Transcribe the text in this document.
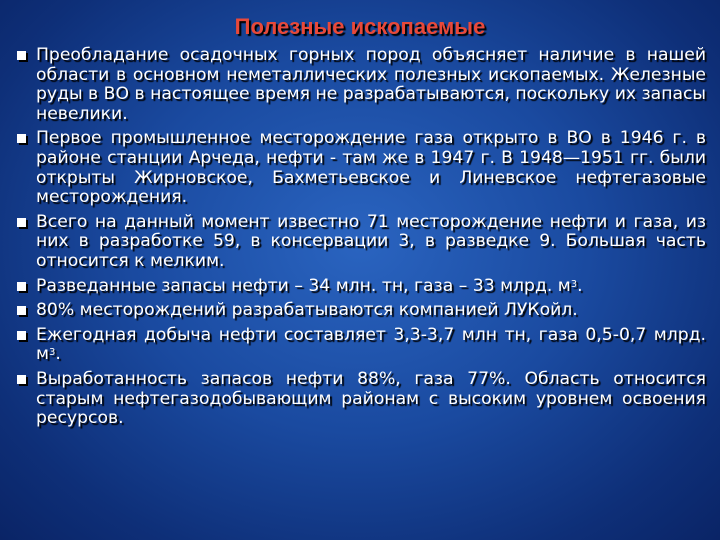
Полезные ископаемые
Преобладание осадочных горных пород объясняет наличие в нашей области в основном неметаллических полезных ископаемых. Железные руды в ВО в настоящее время не разрабатываются, поскольку их запасы невелики.
Первое промышленное месторождение газа открыто в ВО в 1946 г. в районе станции Арчеда, нефти - там же в 1947 г. В 1948—1951 гг. были открыты Жирновское, Бахметьевское и Линевское нефтегазовые месторождения.
Всего на данный момент известно 71 месторождение нефти и газа, из них в разработке 59, в консервации 3, в разведке 9. Большая часть относится к мелким.
Разведанные запасы нефти – 34 млн. тн, газа – 33 млрд. $м^3$.
80% месторождений разрабатываются компанией ЛУКойл.
Ежегодная добыча нефти составляет 3,3-3,7 млн тн, газа 0,5-0,7 млрд. $м^3$.
Выработанность запасов нефти 88%, газа 77%. Область относится старым нефтегазодобывающим районам с высоким уровнем освоения ресурсов.
